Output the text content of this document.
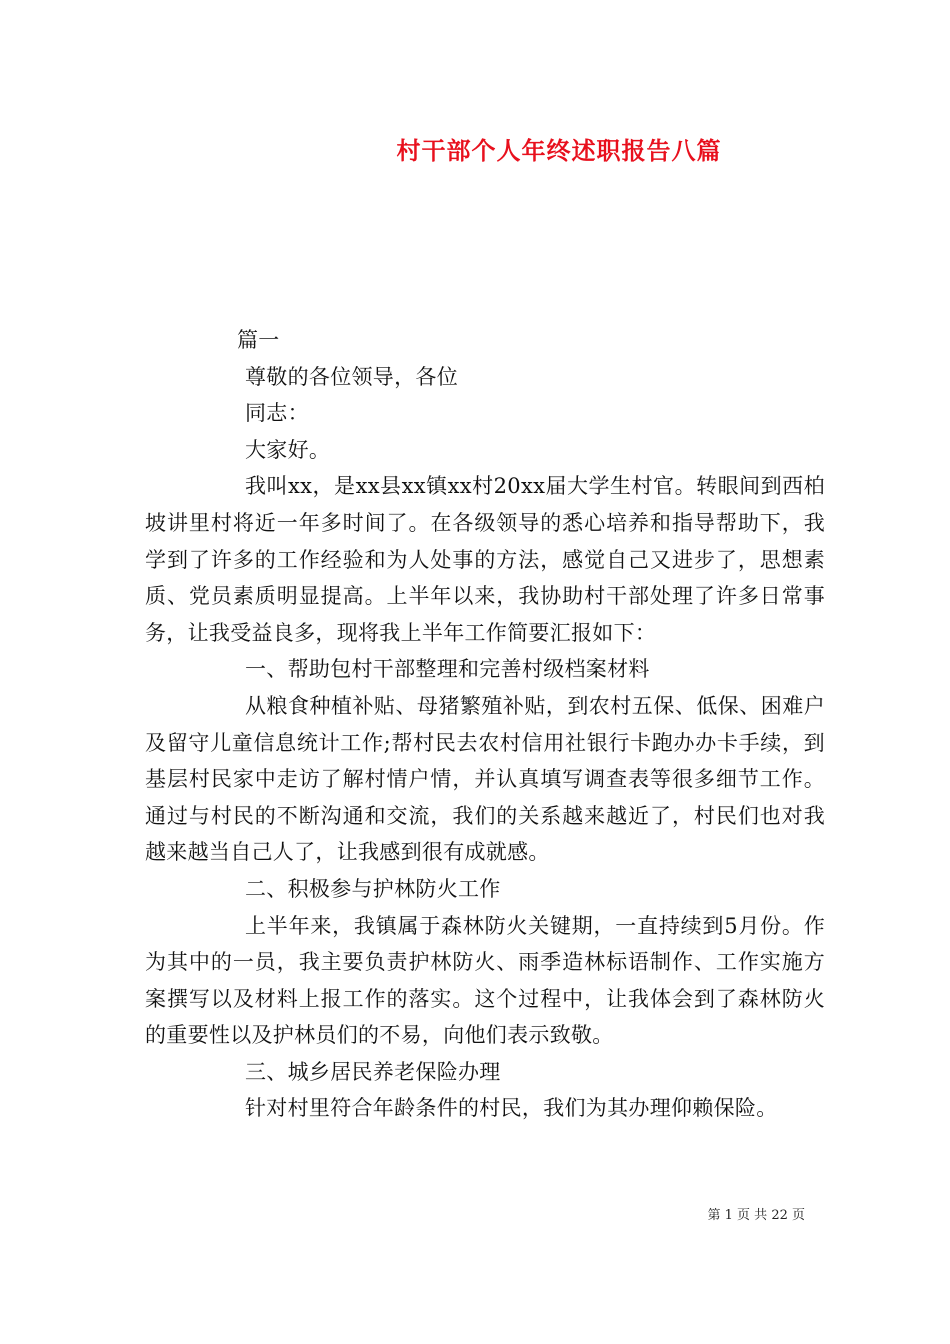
村干部个人年终述职报告八篇

篇一

尊敬的各位领导，各位

同志：

大家好。

我叫xx，是xx县xx镇xx村20xx届大学生村官。转眼间到西柏坡讲里村将近一年多时间了。在各级领导的悉心培养和指导帮助下，我学到了许多的工作经验和为人处事的方法，感觉自己又进步了，思想素质、党员素质明显提高。上半年以来，我协助村干部处理了许多日常事务，让我受益良多，现将我上半年工作简要汇报如下：

一、帮助包村干部整理和完善村级档案材料

从粮食种植补贴、母猪繁殖补贴，到农村五保、低保、困难户及留守儿童信息统计工作;帮村民去农村信用社银行卡跑办办卡手续，到基层村民家中走访了解村情户情，并认真填写调查表等很多细节工作。通过与村民的不断沟通和交流，我们的关系越来越近了，村民们也对我越来越当自己人了，让我感到很有成就感。

二、积极参与护林防火工作

上半年来，我镇属于森林防火关键期，一直持续到5月份。作为其中的一员，我主要负责护林防火、雨季造林标语制作、工作实施方案撰写以及材料上报工作的落实。这个过程中，让我体会到了森林防火的重要性以及护林员们的不易，向他们表示致敬。

三、城乡居民养老保险办理

针对村里符合年龄条件的村民，我们为其办理仰赖保险。

第 1 页 共 22 页
